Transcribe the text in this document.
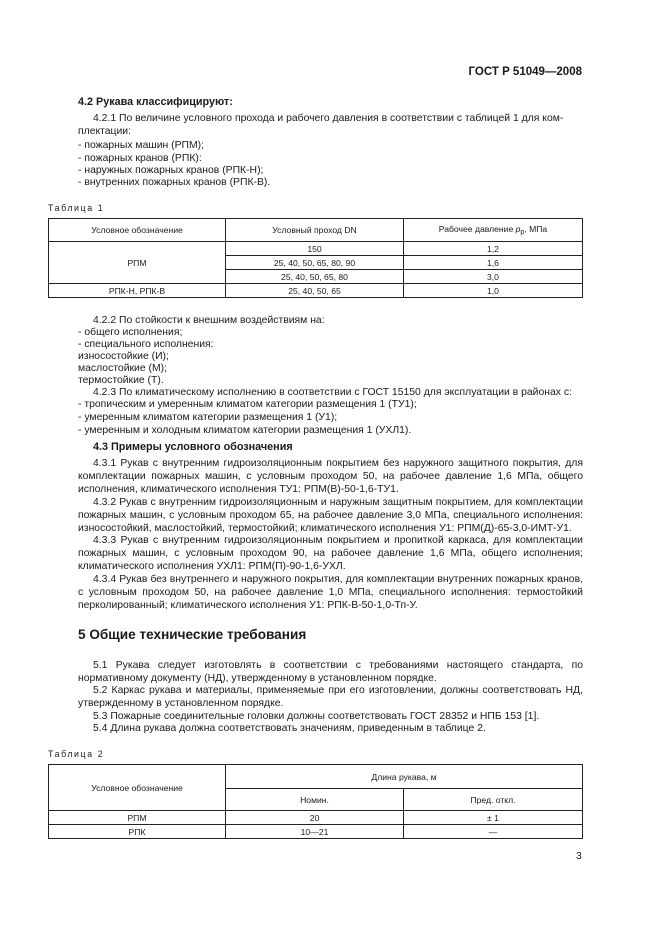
ГОСТ Р 51049—2008
4.2 Рукава классифицируют:
4.2.1 По величине условного прохода и рабочего давления в соответствии с таблицей 1 для ком-
плектации:
- пожарных машин (РПМ);
- пожарных кранов (РПК):
- наружных пожарных кранов (РПК-Н);
- внутренних пожарных кранов (РПК-В).
Таблица 1
Условное обозначение	Условный проход DN	Рабочее давление $р_р$, МПа
РПМ	150	1,2
	25, 40, 50, 65, 80, 90	1,6
	25, 40, 50, 65, 80	3,0
РПК-Н, РПК-В	25, 40, 50, 65	1,0
4.2.2 По стойкости к внешним воздействиям на:
- общего исполнения;
- специального исполнения:
износостойкие (И);
маслостойкие (М);
термостойкие (Т).
4.2.3 По климатическому исполнению в соответствии с ГОСТ 15150 для эксплуатации в районах с:
- тропическим и умеренным климатом категории размещения 1 (ТУ1);
- умеренным климатом категории размещения 1 (У1);
- умеренным и холодным климатом категории размещения 1 (УХЛ1).
4.3 Примеры условного обозначения
4.3.1 Рукав с внутренним гидроизоляционным покрытием без наружного защитного покрытия, для комплектации пожарных машин, с условным проходом 50, на рабочее давление 1,6 МПа, общего исполнения, климатического исполнения ТУ1: РПМ(В)-50-1,6-ТУ1.
4.3.2 Рукав с внутренним гидроизоляционным и наружным защитным покрытием, для комплектации пожарных машин, с условным проходом 65, на рабочее давление 3,0 МПа, специального исполнения: износостойкий, маслостойкий, термостойкий; климатического исполнения У1: РПМ(Д)-65-3,0-ИМТ-У1.
4.3.3 Рукав с внутренним гидроизоляционным покрытием и пропиткой каркаса, для комплектации пожарных машин, с условным проходом 90, на рабочее давление 1,6 МПа, общего исполнения; климатического исполнения УХЛ1: РПМ(П)-90-1,6-УХЛ.
4.3.4 Рукав без внутреннего и наружного покрытия, для комплектации внутренних пожарных кранов, с условным проходом 50, на рабочее давление 1,0 МПа, специального исполнения: термостойкий перколированный; климатического исполнения У1: РПК-В-50-1,0-Тп-У.
5 Общие технические требования
5.1 Рукава следует изготовлять в соответствии с требованиями настоящего стандарта, по нормативному документу (НД), утвержденному в установленном порядке.
5.2 Каркас рукава и материалы, применяемые при его изготовлении, должны соответствовать НД, утвержденному в установленном порядке.
5.3 Пожарные соединительные головки должны соответствовать ГОСТ 28352 и НПБ 153 [1].
5.4 Длина рукава должна соответствовать значениям, приведенным в таблице 2.
Таблица 2
Условное обозначение	Длина рукава, м	
	Номин.	Пред. откл.
РПМ	20	± 1
РПК	10—21	—
3
